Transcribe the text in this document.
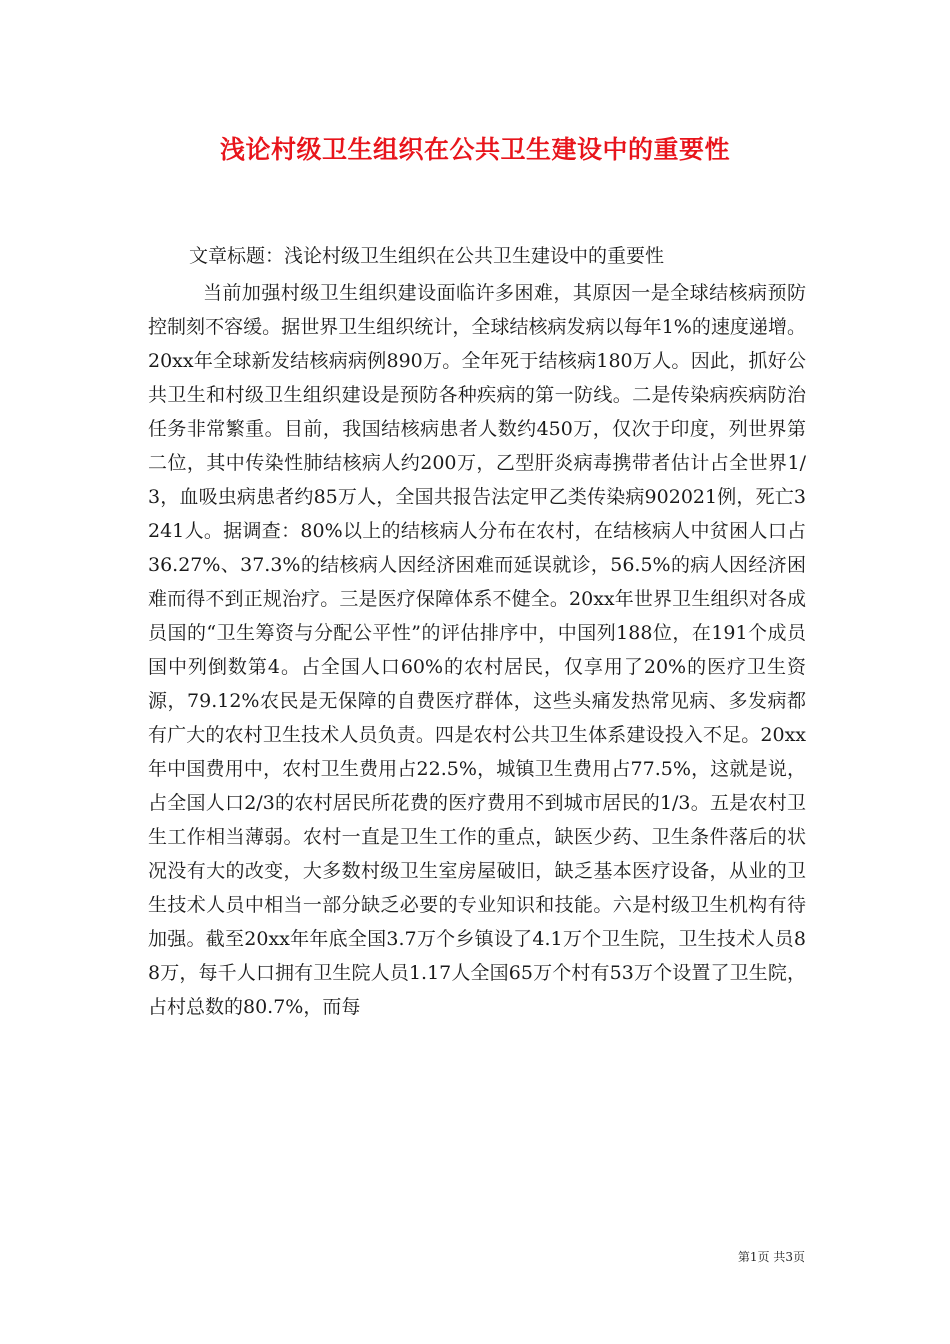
浅论村级卫生组织在公共卫生建设中的重要性

文章标题：浅论村级卫生组织在公共卫生建设中的重要性

当前加强村级卫生组织建设面临许多困难，其原因一是全球结核病预防控制刻不容缓。据世界卫生组织统计，全球结核病发病以每年1%的速度递增。20xx年全球新发结核病病例890万。全年死于结核病180万人。因此，抓好公共卫生和村级卫生组织建设是预防各种疾病的第一防线。二是传染病疾病防治任务非常繁重。目前，我国结核病患者人数约450万，仅次于印度，列世界第二位，其中传染性肺结核病人约200万，乙型肝炎病毒携带者估计占全世界1/3，血吸虫病患者约85万人，全国共报告法定甲乙类传染病902021例，死亡3241人。据调查：80%以上的结核病人分布在农村，在结核病人中贫困人口占36.27%、37.3%的结核病人因经济困难而延误就诊，56.5%的病人因经济困难而得不到正规治疗。三是医疗保障体系不健全。20xx年世界卫生组织对各成员国的“卫生筹资与分配公平性”的评估排序中，中国列188位，在191个成员国中列倒数第4。占全国人口60%的农村居民，仅享用了20%的医疗卫生资源，79.12%农民是无保障的自费医疗群体，这些头痛发热常见病、多发病都有广大的农村卫生技术人员负责。四是农村公共卫生体系建设投入不足。20xx年中国费用中，农村卫生费用占22.5%，城镇卫生费用占77.5%，这就是说，占全国人口2/3的农村居民所花费的医疗费用不到城市居民的1/3。五是农村卫生工作相当薄弱。农村一直是卫生工作的重点，缺医少药、卫生条件落后的状况没有大的改变，大多数村级卫生室房屋破旧，缺乏基本医疗设备，从业的卫生技术人员中相当一部分缺乏必要的专业知识和技能。六是村级卫生机构有待加强。截至20xx年年底全国3.7万个乡镇设了4.1万个卫生院，卫生技术人员88万，每千人口拥有卫生院人员1.17人全国65万个村有53万个设置了卫生院，占村总数的80.7%，而每

第1页 共3页
